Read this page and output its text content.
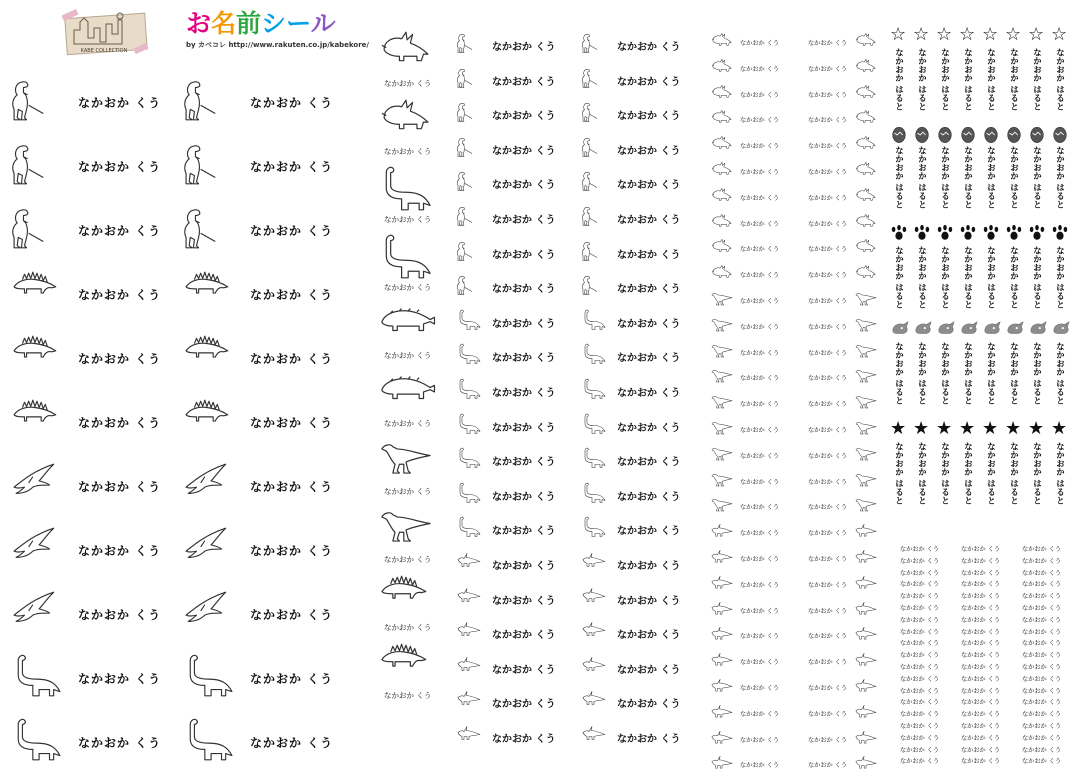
KABE COLLECTION
お名前シール
by カベコレ http://www.rakuten.co.jp/kabekore/
なかおか くう	なかおか くう
なかおか くう	なかおか くう
なかおか くう	なかおか くう
なかおか くう	なかおか くう
なかおか くう	なかおか くう
なかおか くう	なかおか くう
なかおか くう	なかおか くう
なかおか くう	なかおか くう
なかおか くう	なかおか くう
なかおか くう	なかおか くう
なかおか くう	なかおか くう
なかおか くう
なかおか くう
なかおか くう
なかおか くう
なかおか くう
なかおか くう
なかおか くう
なかおか くう
なかおか くう
なかおか くう
なかおか くう	なかおか くう
なかおか くう	なかおか くう
なかおか くう	なかおか くう
なかおか くう	なかおか くう
なかおか くう	なかおか くう
なかおか くう	なかおか くう
なかおか くう	なかおか くう
なかおか くう	なかおか くう
なかおか くう	なかおか くう
なかおか くう	なかおか くう
なかおか くう	なかおか くう
なかおか くう	なかおか くう
なかおか くう	なかおか くう
なかおか くう	なかおか くう
なかおか くう	なかおか くう
なかおか くう	なかおか くう
なかおか くう	なかおか くう
なかおか くう	なかおか くう
なかおか くう	なかおか くう
なかおか くう	なかおか くう
なかおか くう	なかおか くう
なかおか くう	なかおか くう
なかおか くう	なかおか くう
なかおか くう	なかおか くう
なかおか くう	なかおか くう
なかおか くう	なかおか くう
なかおか くう	なかおか くう
なかおか くう	なかおか くう
なかおか くう	なかおか くう
なかおか くう	なかおか くう
なかおか くう	なかおか くう
なかおか くう	なかおか くう
なかおか くう	なかおか くう
なかおか くう	なかおか くう
なかおか くう	なかおか くう
なかおか くう	なかおか くう
なかおか くう	なかおか くう
なかおか くう	なかおか くう
なかおか くう	なかおか くう
なかおか くう	なかおか くう
なかおか くう	なかおか くう
なかおか くう	なかおか くう
なかおか くう	なかおか くう
なかおか くう	なかおか くう
なかおか くう	なかおか くう
なかおか くう	なかおか くう
なかおか くう	なかおか くう
なかおか くう	なかおか くう
なかおか くう	なかおか くう
なかおか くう	なかおか くう
☆
なかおか はると
☆
なかおか はると
☆
なかおか はると
☆
なかおか はると
☆
なかおか はると
☆
なかおか はると
☆
なかおか はると
☆
なかおか はると
なかおか はると なかおか はると なかおか はると なかおか はると なかおか はると なかおか はると なかおか はると なかおか はると
なかおか はると なかおか はると なかおか はると なかおか はると なかおか はると なかおか はると なかおか はると なかおか はると
なかおか はると なかおか はると なかおか はると なかおか はると なかおか はると なかおか はると なかおか はると なかおか はると
★
なかおか はると
★
なかおか はると
★
なかおか はると
★
なかおか はると
★
なかおか はると
★
なかおか はると
★
なかおか はると
★
なかおか はると
なかおか くう	なかおか くう	なかおか くう
なかおか くう	なかおか くう	なかおか くう
なかおか くう	なかおか くう	なかおか くう
なかおか くう	なかおか くう	なかおか くう
なかおか くう	なかおか くう	なかおか くう
なかおか くう	なかおか くう	なかおか くう
なかおか くう	なかおか くう	なかおか くう
なかおか くう	なかおか くう	なかおか くう
なかおか くう	なかおか くう	なかおか くう
なかおか くう	なかおか くう	なかおか くう
なかおか くう	なかおか くう	なかおか くう
なかおか くう	なかおか くう	なかおか くう
なかおか くう	なかおか くう	なかおか くう
なかおか くう	なかおか くう	なかおか くう
なかおか くう	なかおか くう	なかおか くう
なかおか くう	なかおか くう	なかおか くう
なかおか くう	なかおか くう	なかおか くう
なかおか くう	なかおか くう	なかおか くう
なかおか くう	なかおか くう	なかおか くう
